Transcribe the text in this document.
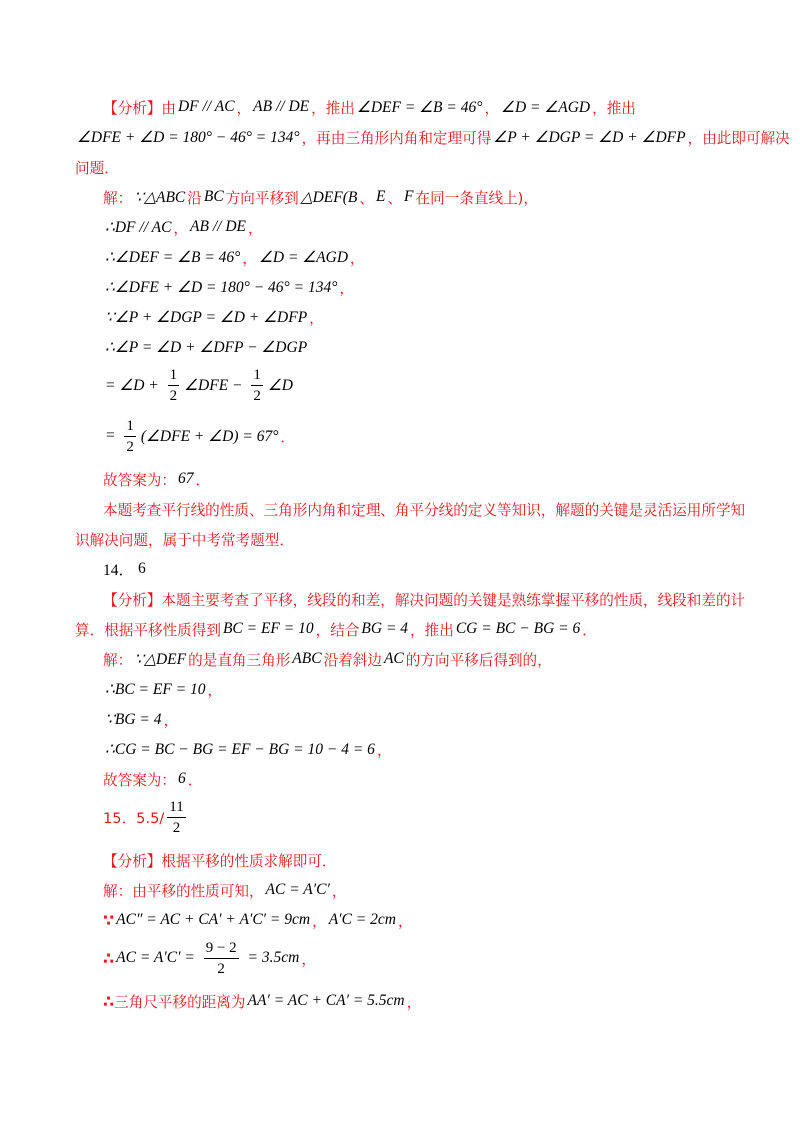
【分析】由 DF // AC ， AB // DE ，推出 ∠DEF = ∠B = 46° ， ∠D = ∠AGD ，推出
∠DFE + ∠D = 180° − 46° = 134° ，再由三角形内角和定理可得 ∠P + ∠DGP = ∠D + ∠DFP ，由此即可解决
问题．
解： ∵△ABC 沿 BC 方向平移到 △DEF(B 、 E 、 F 在同一条直线上)，
∴DF // AC ， AB // DE ，
∴∠DEF = ∠B = 46° ， ∠D = ∠AGD ，
∴∠DFE + ∠D = 180° − 46° = 134° ，
∵∠P + ∠DGP = ∠D + ∠DFP ，
∴∠P = ∠D + ∠DFP − ∠DGP
= ∠D + $\frac{1}{2}$ ∠DFE − $\frac{1}{2}$ ∠D
= $\frac{1}{2}$ (∠DFE + ∠D) = 67° ．
故答案为： 67 ．
本题考查平行线的性质、三角形内角和定理、角平分线的定义等知识，解题的关键是灵活运用所学知
识解决问题，属于中考常考题型．
14． 6
【分析】本题主要考查了平移，线段的和差，解决问题的关键是熟练掌握平移的性质，线段和差的计
算．根据平移性质得到 BC = EF = 10 ，结合 BG = 4 ，推出 CG = BC − BG = 6 ．
解： ∵△DEF 的是直角三角形 ABC 沿着斜边 AC 的方向平移后得到的，
∴BC = EF = 10 ，
∵BG = 4 ，
∴CG = BC − BG = EF − BG = 10 − 4 = 6 ，
故答案为： 6 ．
15．$5.5/ \frac{11}{2}$
【分析】根据平移的性质求解即可．
解：由平移的性质可知， AC = A′C′ ，
∵ AC″ = AC + CA′ + A′C′ = 9cm ， A′C = 2cm ，
∴ AC = $A'C' = \frac{9 - 2}{2} = 3.5cm$ ，
∴ 三角尺平移的距离为 AA′ = AC + CA′ = 5.5cm ，
